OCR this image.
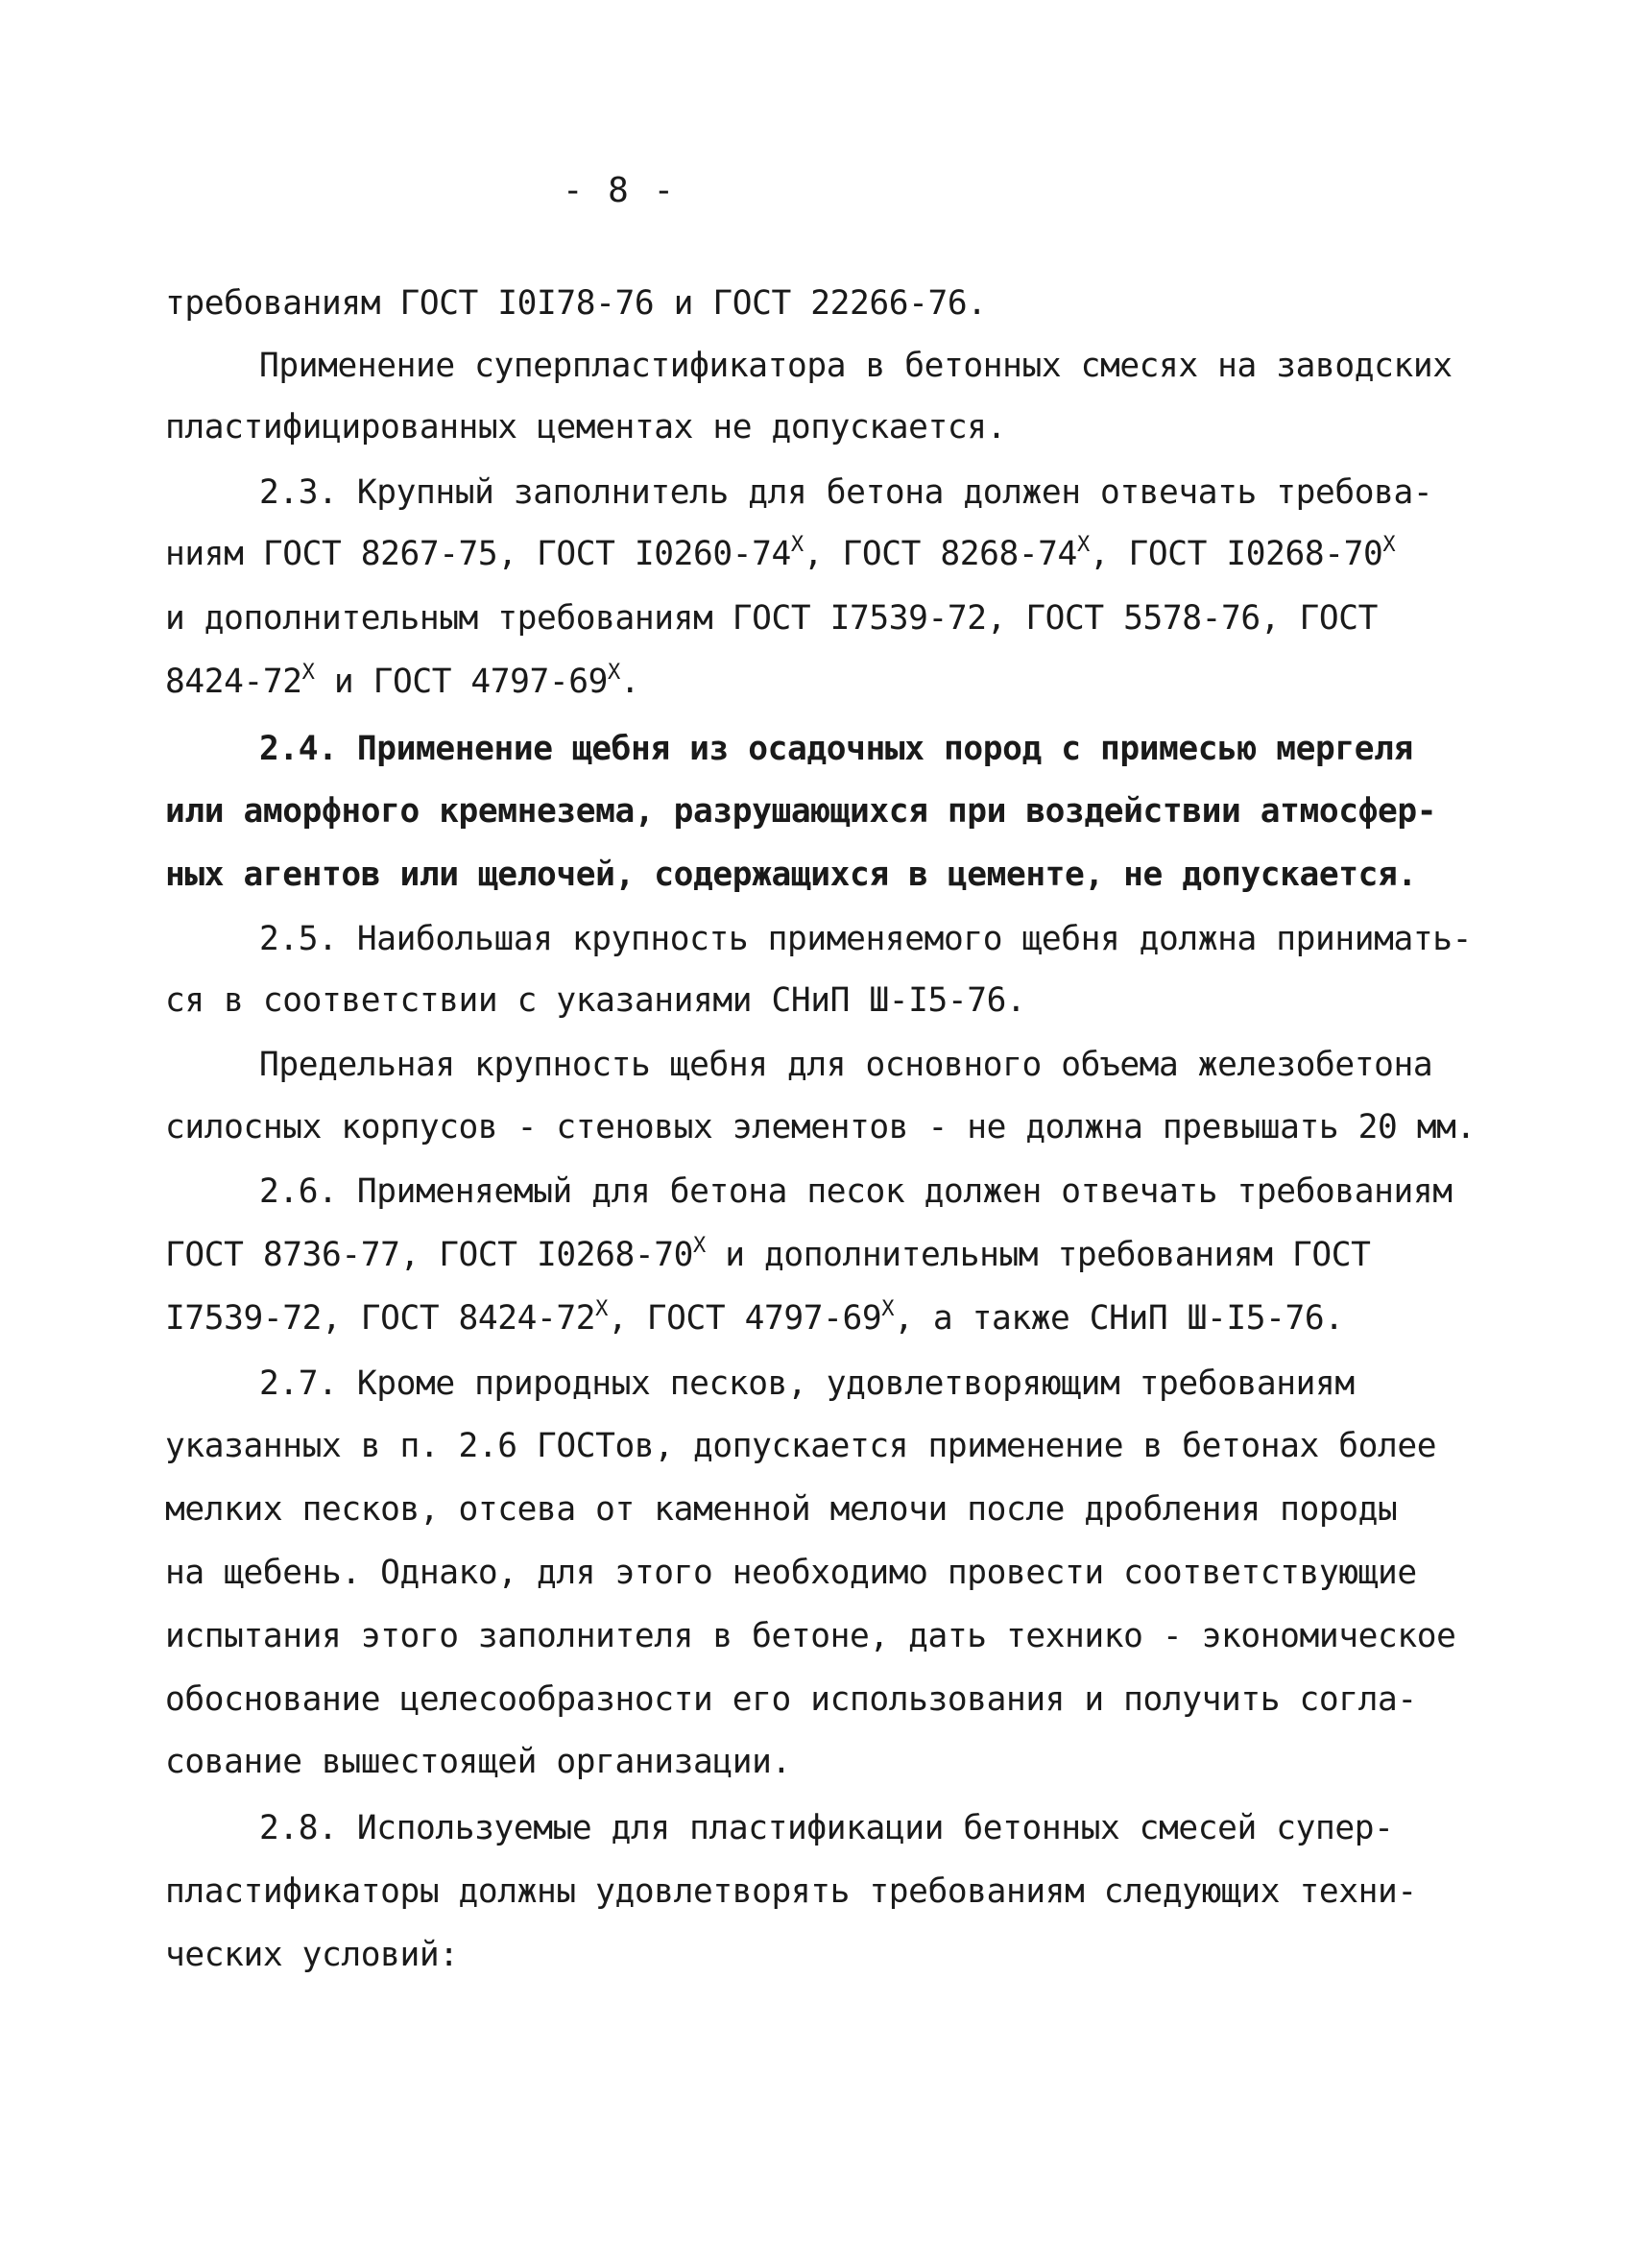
- 8 -
требованиям ГОСТ I0I78-76 и ГОСТ 22266-76.
Применение суперпластификатора в бетонных смесях на заводских
пластифицированных цементах не допускается.
2.3. Крупный заполнитель для бетона должен отвечать требова-
ниям ГОСТ 8267-75, ГОСТ $I0260-74^X$, ГОСТ $8268-74^X$, ГОСТ $I0268-70^X$
и дополнительным требованиям ГОСТ I7539-72, ГОСТ 5578-76, ГОСТ
$8424-72^X$ и ГОСТ $4797-69^X$.
2.4. Применение щебня из осадочных пород с примесью мергеля
или аморфного кремнезема, разрушающихся при воздействии атмосфер-
ных агентов или щелочей, содержащихся в цементе, не допускается.
2.5. Наибольшая крупность применяемого щебня должна принимать-
ся в соответствии с указаниями СНиП Ш-I5-76.
Предельная крупность щебня для основного объема железобетона
силосных корпусов - стеновых элементов - не должна превышать 20 мм.
2.6. Применяемый для бетона песок должен отвечать требованиям
ГОСТ 8736-77, ГОСТ $I0268-70^X$ и дополнительным требованиям ГОСТ
I7539-72, ГОСТ $8424-72^X$, ГОСТ $4797-69^X$, а также СНиП Ш-I5-76.
2.7. Кроме природных песков, удовлетворяющим требованиям
указанных в п. 2.6 ГОСТов, допускается применение в бетонах более
мелких песков, отсева от каменной мелочи после дробления породы
на щебень. Однако, для этого необходимо провести соответствующие
испытания этого заполнителя в бетоне, дать технико - экономическое
обоснование целесообразности его использования и получить согла-
сование вышестоящей организации.
2.8. Используемые для пластификации бетонных смесей супер-
пластификаторы должны удовлетворять требованиям следующих техни-
ческих условий:
